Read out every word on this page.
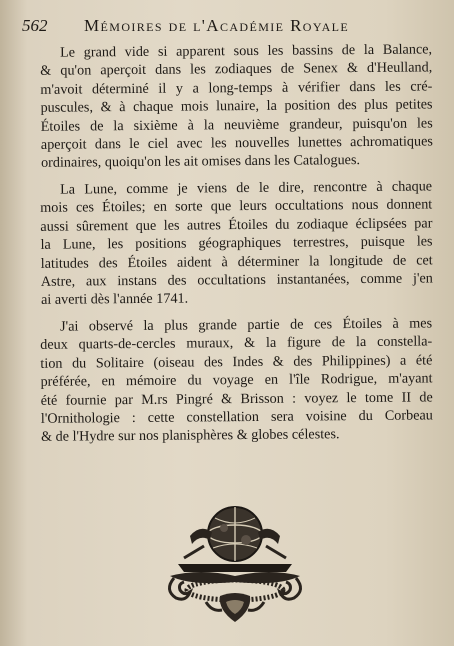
562 Mémoires de l'Académie Royale

Le grand vide si apparent sous les bassins de la Balance,
& qu'on aperçoit dans les zodiaques de Senex & d'Heulland,
m'avoit déterminé il y a long-temps à vérifier dans les cré-
puscules, & à chaque mois lunaire, la position des plus petites
Étoiles de la sixième à la neuvième grandeur, puisqu'on les
aperçoit dans le ciel avec les nouvelles lunettes achromatiques
ordinaires, quoiqu'on les ait omises dans les Catalogues.

La Lune, comme je viens de le dire, rencontre à chaque
mois ces Étoiles; en sorte que leurs occultations nous donnent
aussi sûrement que les autres Étoiles du zodiaque éclipsées par
la Lune, les positions géographiques terrestres, puisque les
latitudes des Étoiles aident à déterminer la longitude de cet
Astre, aux instans des occultations instantanées, comme j'en
ai averti dès l'année 1741.

J'ai observé la plus grande partie de ces Étoiles à mes
deux quarts-de-cercles muraux, & la figure de la constella-
tion du Solitaire (oiseau des Indes & des Philippines) a été
préférée, en mémoire du voyage en l'île Rodrigue, m'ayant
été fournie par M.rs Pingré & Brisson : voyez le tome II de
l'Ornithologie : cette constellation sera voisine du Corbeau
& de l'Hydre sur nos planisphères & globes célestes.
